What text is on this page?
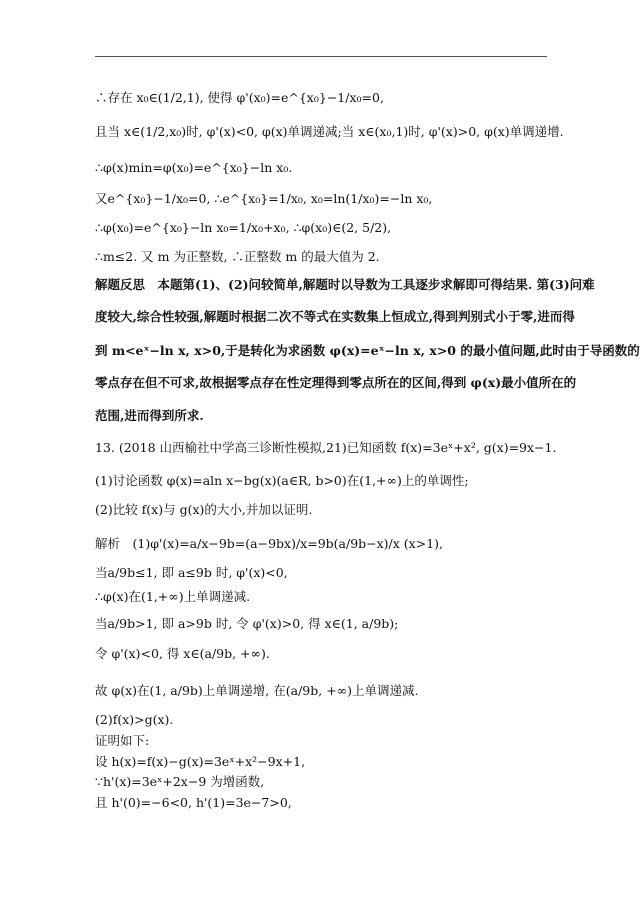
∴存在 x₀∈(1/2,1), 使得 φ'(x₀)=e^{x₀}−1/x₀=0,
且当 x∈(1/2,x₀)时, φ'(x)<0, φ(x)单调递减;当 x∈(x₀,1)时, φ'(x)>0, φ(x)单调递增.
∴φ(x)min=φ(x₀)=e^{x₀}−ln x₀.
又e^{x₀}−1/x₀=0, ∴e^{x₀}=1/x₀, x₀=ln(1/x₀)=−ln x₀,
∴φ(x₀)=e^{x₀}−ln x₀=1/x₀+x₀, ∴φ(x₀)∈(2, 5/2),
∴m≤2. 又 m 为正整数, ∴正整数 m 的最大值为 2.
解题反思　本题第(1)、(2)问较简单,解题时以导数为工具逐步求解即可得结果. 第(3)问难
度较大,综合性较强,解题时根据二次不等式在实数集上恒成立,得到判别式小于零,进而得
到 m<eˣ−ln x, x>0,于是转化为求函数 φ(x)=eˣ−ln x, x>0 的最小值问题,此时由于导函数的
零点存在但不可求,故根据零点存在性定理得到零点所在的区间,得到 φ(x)最小值所在的
范围,进而得到所求.
13. (2018 山西榆社中学高三诊断性模拟,21)已知函数 f(x)=3eˣ+x², g(x)=9x−1.
(1)讨论函数 φ(x)=aln x−bg(x)(a∈R, b>0)在(1,+∞)上的单调性;
(2)比较 f(x)与 g(x)的大小,并加以证明.
解析　(1)φ'(x)=a/x−9b=(a−9bx)/x=9b(a/9b−x)/x (x>1),
当a/9b≤1, 即 a≤9b 时, φ'(x)<0,
∴φ(x)在(1,+∞)上单调递减.
当a/9b>1, 即 a>9b 时, 令 φ'(x)>0, 得 x∈(1, a/9b);
令 φ'(x)<0, 得 x∈(a/9b, +∞).
故 φ(x)在(1, a/9b)上单调递增, 在(a/9b, +∞)上单调递减.
(2)f(x)>g(x).
证明如下:
设 h(x)=f(x)−g(x)=3eˣ+x²−9x+1,
∵h'(x)=3eˣ+2x−9 为增函数,
且 h'(0)=−6<0, h'(1)=3e−7>0,
